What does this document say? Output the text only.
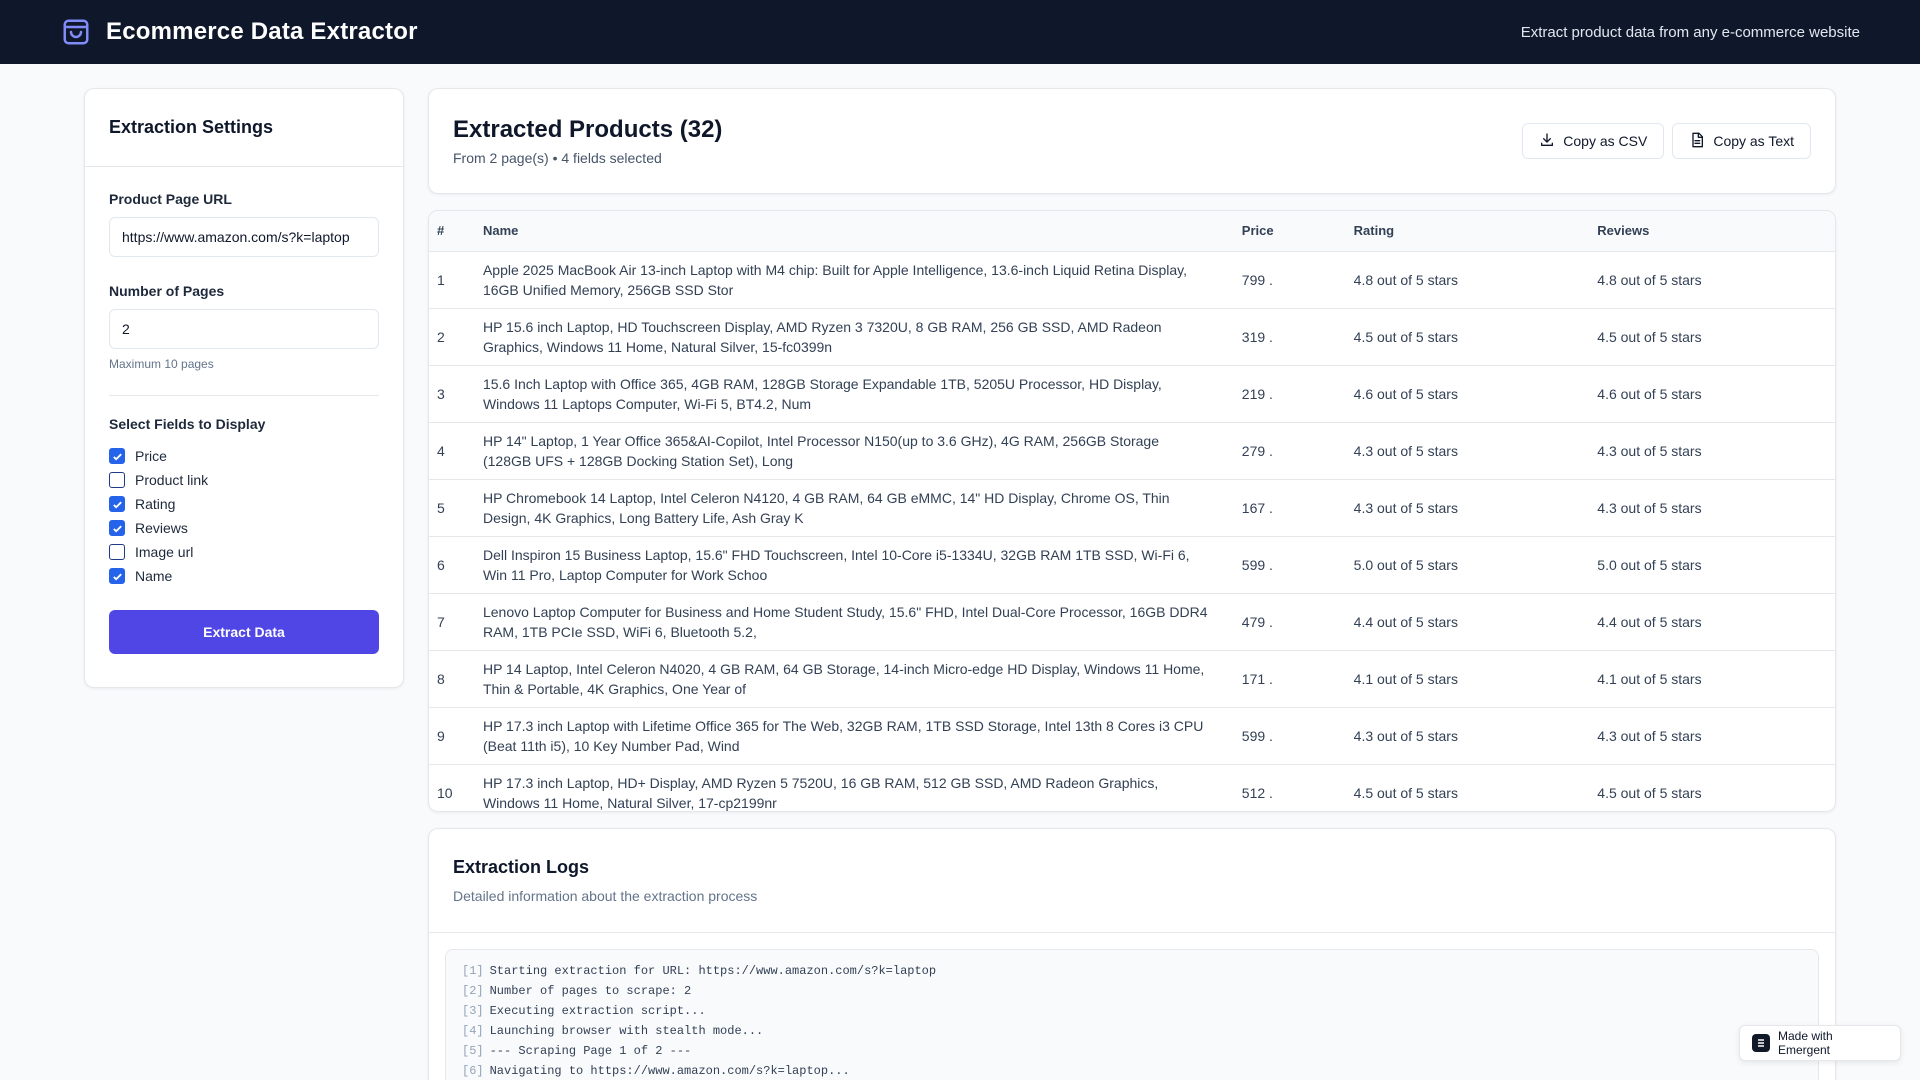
Ecommerce Data Extractor	Extract product data from any e-commerce website
Extraction Settings
Product Page URL
https://www.amazon.com/s?k=laptop
Number of Pages
2
Maximum 10 pages
Select Fields to Display
Price
Product link
Rating
Reviews
Image url
Name
Extract Data
Extracted Products (32)
From 2 page(s) • 4 fields selected
Copy as CSV	Copy as Text
#	Name	Price	Rating	Reviews
1	Apple 2025 MacBook Air 13-inch Laptop with M4 chip: Built for Apple Intelligence, 13.6-inch Liquid Retina Display, 16GB Unified Memory, 256GB SSD Stor	799 .	4.8 out of 5 stars	4.8 out of 5 stars
2	HP 15.6 inch Laptop, HD Touchscreen Display, AMD Ryzen 3 7320U, 8 GB RAM, 256 GB SSD, AMD Radeon Graphics, Windows 11 Home, Natural Silver, 15-fc0399n	319 .	4.5 out of 5 stars	4.5 out of 5 stars
3	15.6 Inch Laptop with Office 365, 4GB RAM, 128GB Storage Expandable 1TB, 5205U Processor, HD Display, Windows 11 Laptops Computer, Wi-Fi 5, BT4.2, Num	219 .	4.6 out of 5 stars	4.6 out of 5 stars
4	HP 14" Laptop, 1 Year Office 365&AI-Copilot, Intel Processor N150(up to 3.6 GHz), 4G RAM, 256GB Storage (128GB UFS + 128GB Docking Station Set), Long	279 .	4.3 out of 5 stars	4.3 out of 5 stars
5	HP Chromebook 14 Laptop, Intel Celeron N4120, 4 GB RAM, 64 GB eMMC, 14" HD Display, Chrome OS, Thin Design, 4K Graphics, Long Battery Life, Ash Gray K	167 .	4.3 out of 5 stars	4.3 out of 5 stars
6	Dell Inspiron 15 Business Laptop, 15.6" FHD Touchscreen, Intel 10-Core i5-1334U, 32GB RAM 1TB SSD, Wi-Fi 6, Win 11 Pro, Laptop Computer for Work Schoo	599 .	5.0 out of 5 stars	5.0 out of 5 stars
7	Lenovo Laptop Computer for Business and Home Student Study, 15.6" FHD, Intel Dual-Core Processor, 16GB DDR4 RAM, 1TB PCIe SSD, WiFi 6, Bluetooth 5.2,	479 .	4.4 out of 5 stars	4.4 out of 5 stars
8	HP 14 Laptop, Intel Celeron N4020, 4 GB RAM, 64 GB Storage, 14-inch Micro-edge HD Display, Windows 11 Home, Thin & Portable, 4K Graphics, One Year of	171 .	4.1 out of 5 stars	4.1 out of 5 stars
9	HP 17.3 inch Laptop with Lifetime Office 365 for The Web, 32GB RAM, 1TB SSD Storage, Intel 13th 8 Cores i3 CPU (Beat 11th i5), 10 Key Number Pad, Wind	599 .	4.3 out of 5 stars	4.3 out of 5 stars
10	HP 17.3 inch Laptop, HD+ Display, AMD Ryzen 5 7520U, 16 GB RAM, 512 GB SSD, AMD Radeon Graphics, Windows 11 Home, Natural Silver, 17-cp2199nr	512 .	4.5 out of 5 stars	4.5 out of 5 stars
Extraction Logs
Detailed information about the extraction process
[1] Starting extraction for URL: https://www.amazon.com/s?k=laptop
[2] Number of pages to scrape: 2
[3] Executing extraction script...
[4] Launching browser with stealth mode...
[5] --- Scraping Page 1 of 2 ---
[6] Navigating to https://www.amazon.com/s?k=laptop...
Made with Emergent
